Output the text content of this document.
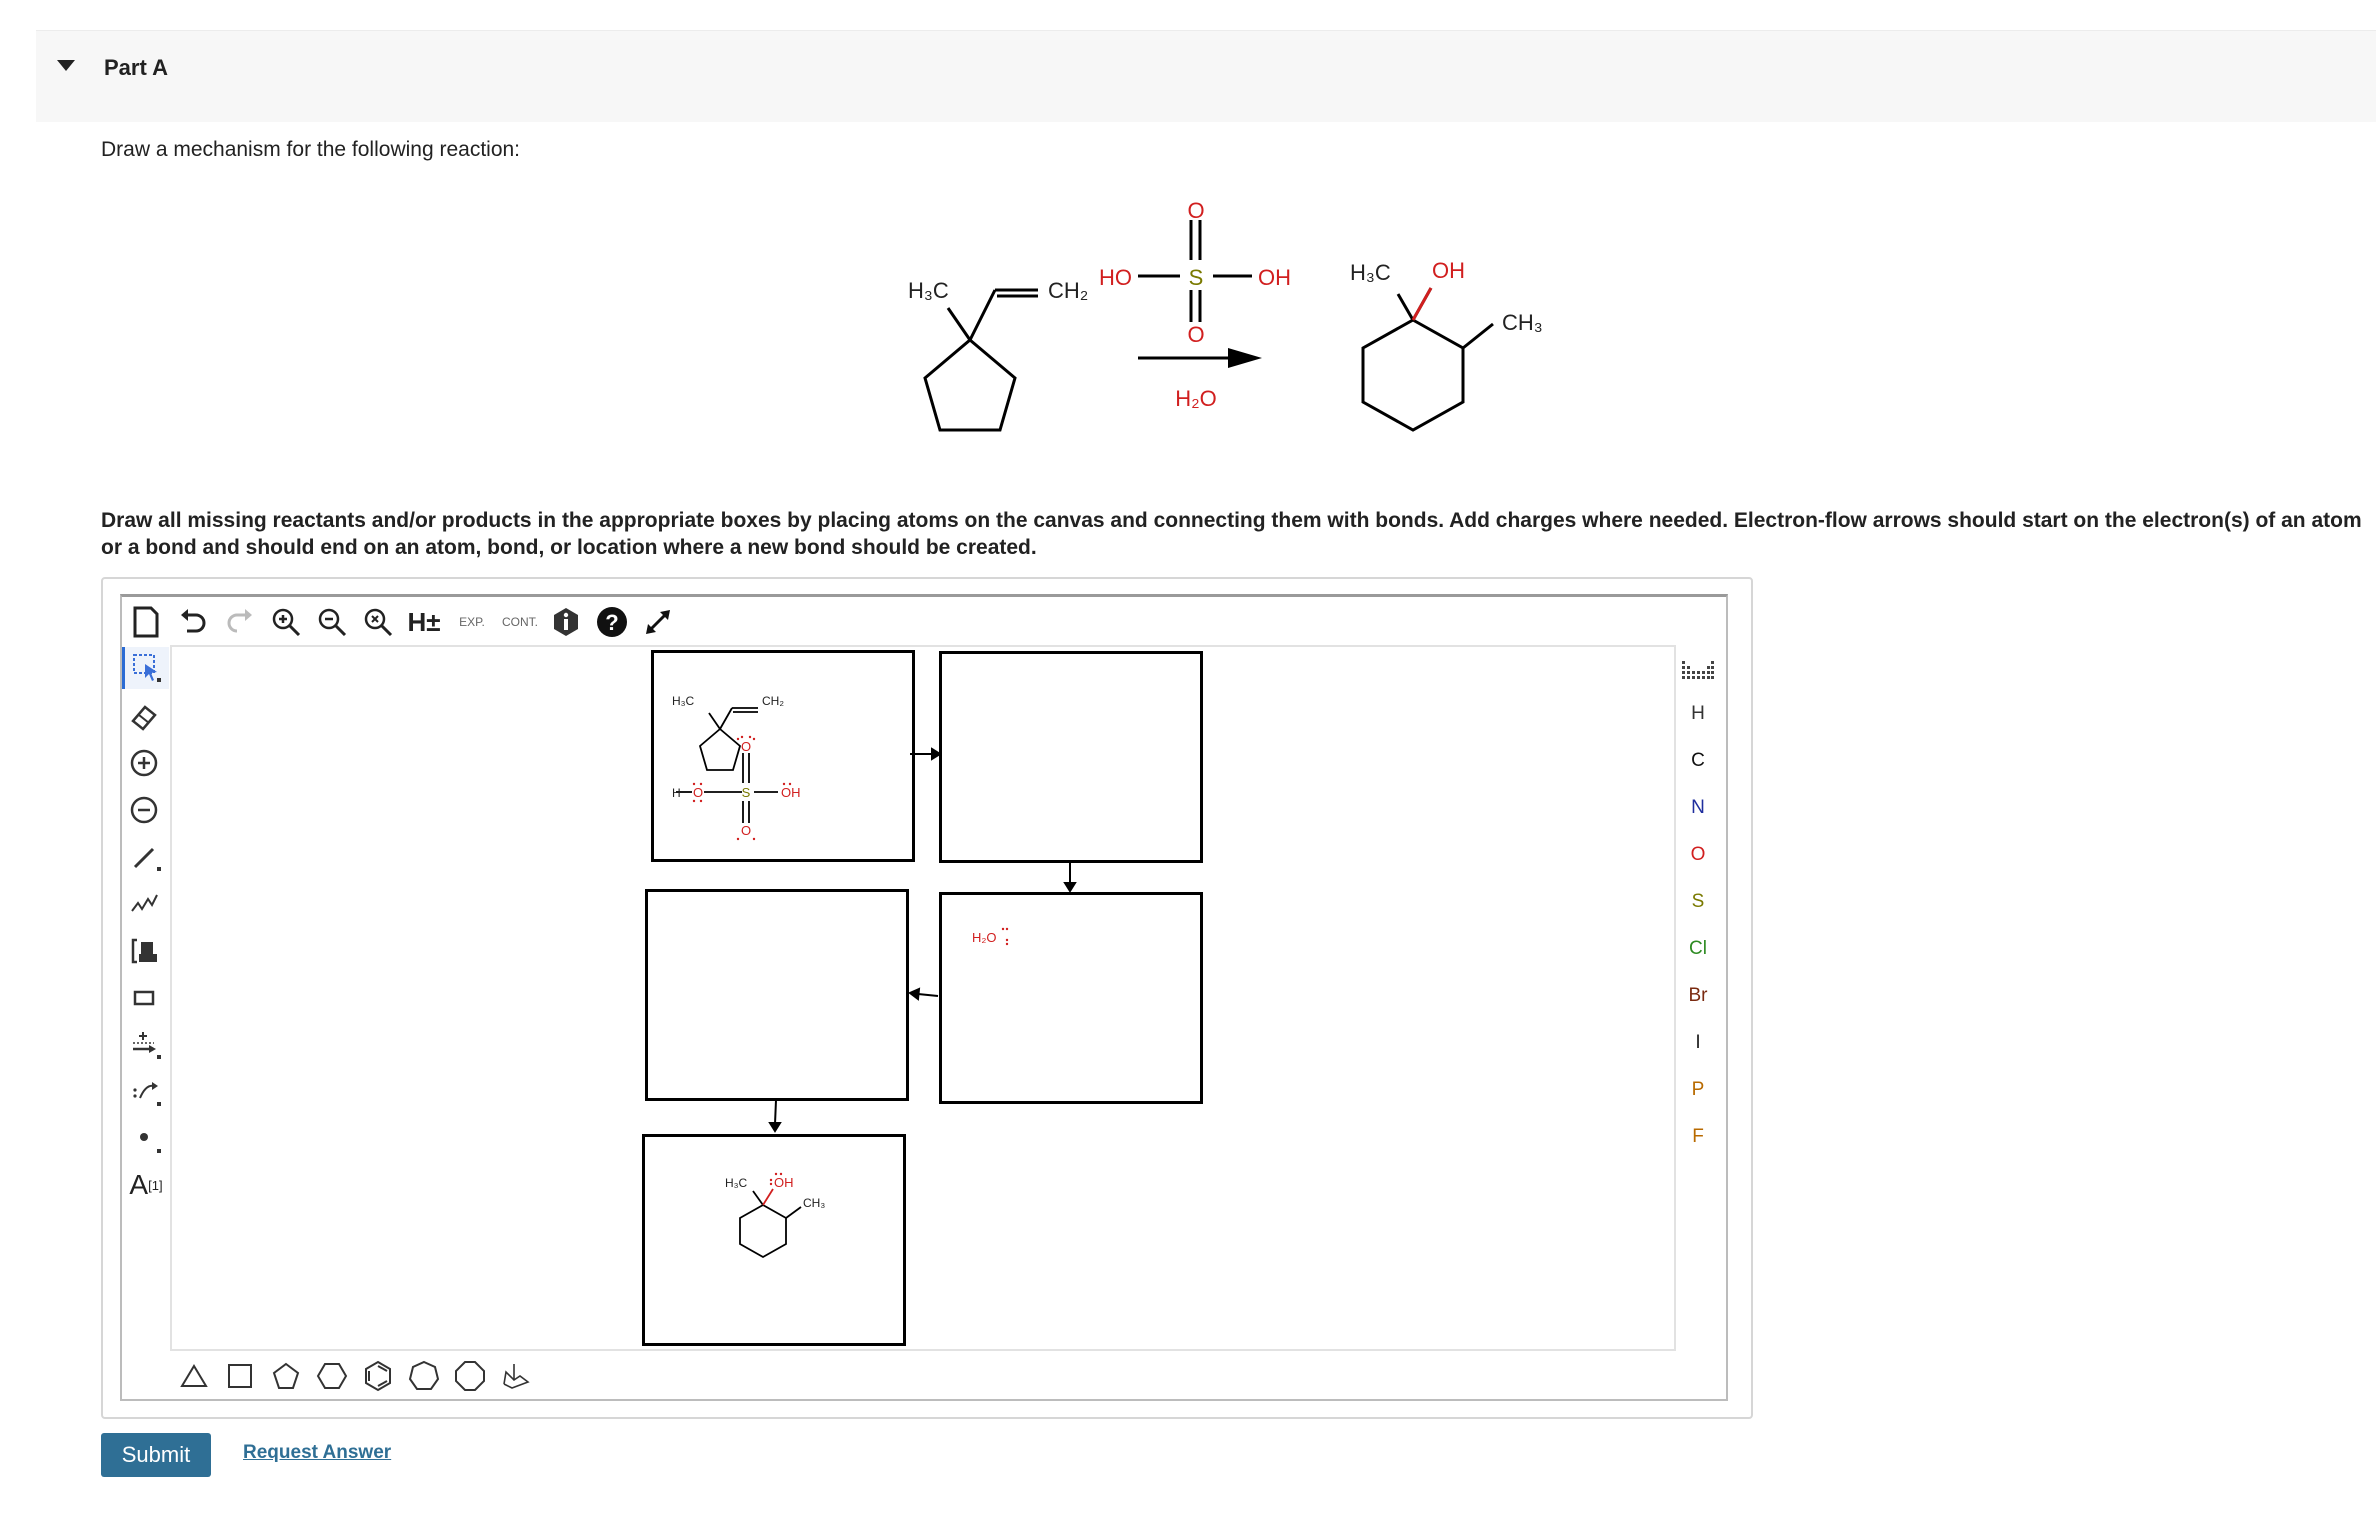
Part A
Draw a mechanism for the following reaction:
H₃C	CH₂
HO	S OH
O
O
H₂O
H₃C OH
CH₃
Draw all missing reactants and/or products in the appropriate boxes by placing atoms on the canvas and connecting them with bonds. Add charges where needed. Electron-flow arrows should start on the electron(s) of an atom or a bond and should end on an atom, bond, or location where a new bond should be created.
H±	EXP.	CONT.	?
A [1]
H
C
N
O
S
Cl
Br
I
P
F
H₃C	CH₂
H O	S OH
O
O
H₂O
H₃C OH
CH₃
Submit	Request Answer
